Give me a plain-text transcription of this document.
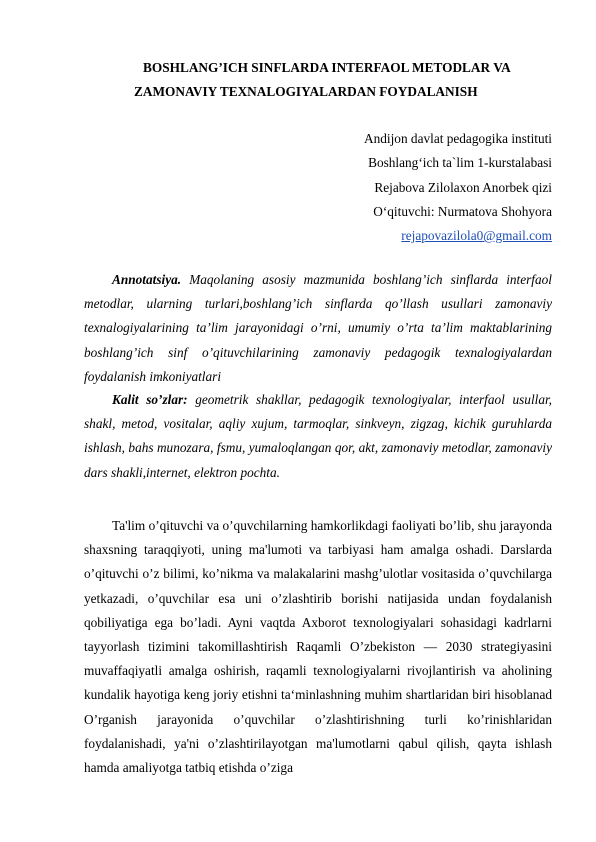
BOSHLANG’ICH SINFLARDA INTERFAOL METODLAR VA
ZAMONAVIY TEXNALOGIYALARDAN FOYDALANISH
Andijon davlat pedagogika instituti
Boshlang‘ich ta`lim 1-kurstalabasi
Rejabova Zilolaxon Anorbek qizi
O‘qituvchi: Nurmatova Shohyora
rejapovazilola0@gmail.com

Annotatsiya. Maqolaning asosiy mazmunida boshlang’ich sinflarda interfaol metodlar, ularning turlari,boshlang’ich sinflarda qo’llash usullari zamonaviy texnalogiyalarining ta’lim jarayonidagi o’rni, umumiy o’rta ta’lim maktablarining boshlang’ich sinf o’qituvchilarining zamonaviy pedagogik texnalogiyalardan foydalanish imkoniyatlari

Kalit so’zlar: geometrik shakllar, pedagogik texnologiyalar, interfaol usullar, shakl, metod, vositalar, aqliy xujum, tarmoqlar, sinkveyn, zigzag, kichik guruhlarda ishlash, bahs munozara, fsmu, yumaloqlangan qor, akt, zamonaviy metodlar, zamonaviy dars shakli,internet, elektron pochta.

Ta'lim o’qituvchi va o’quvchilarning hamkorlikdagi faoliyati bo’lib, shu jarayonda shaxsning taraqqiyoti, uning ma'lumoti va tarbiyasi ham amalga oshadi. Darslarda o’qituvchi o’z bilimi, ko’nikma va malakalarini mashg’ulotlar vositasida o’quvchilarga yetkazadi, o’quvchilar esa uni o’zlashtirib borishi natijasida undan foydalanish qobiliyatiga ega bo’ladi. Ayni vaqtda Axborot texnologiyalari sohasidagi kadrlarni tayyorlash tizimini takomillashtirish Raqamli O’zbekiston — 2030 strategiyasini muvaffaqiyatli amalga oshirish, raqamli texnologiyalarni rivojlantirish va aholining kundalik hayotiga keng joriy etishni ta‘minlashning muhim shartlaridan biri hisoblanad O’rganish jarayonida o’quvchilar o’zlashtirishning turli ko’rinishlaridan foydalanishadi, ya'ni o’zlashtirilayotgan ma'lumotlarni qabul qilish, qayta ishlash hamda amaliyotga tatbiq etishda o’ziga
